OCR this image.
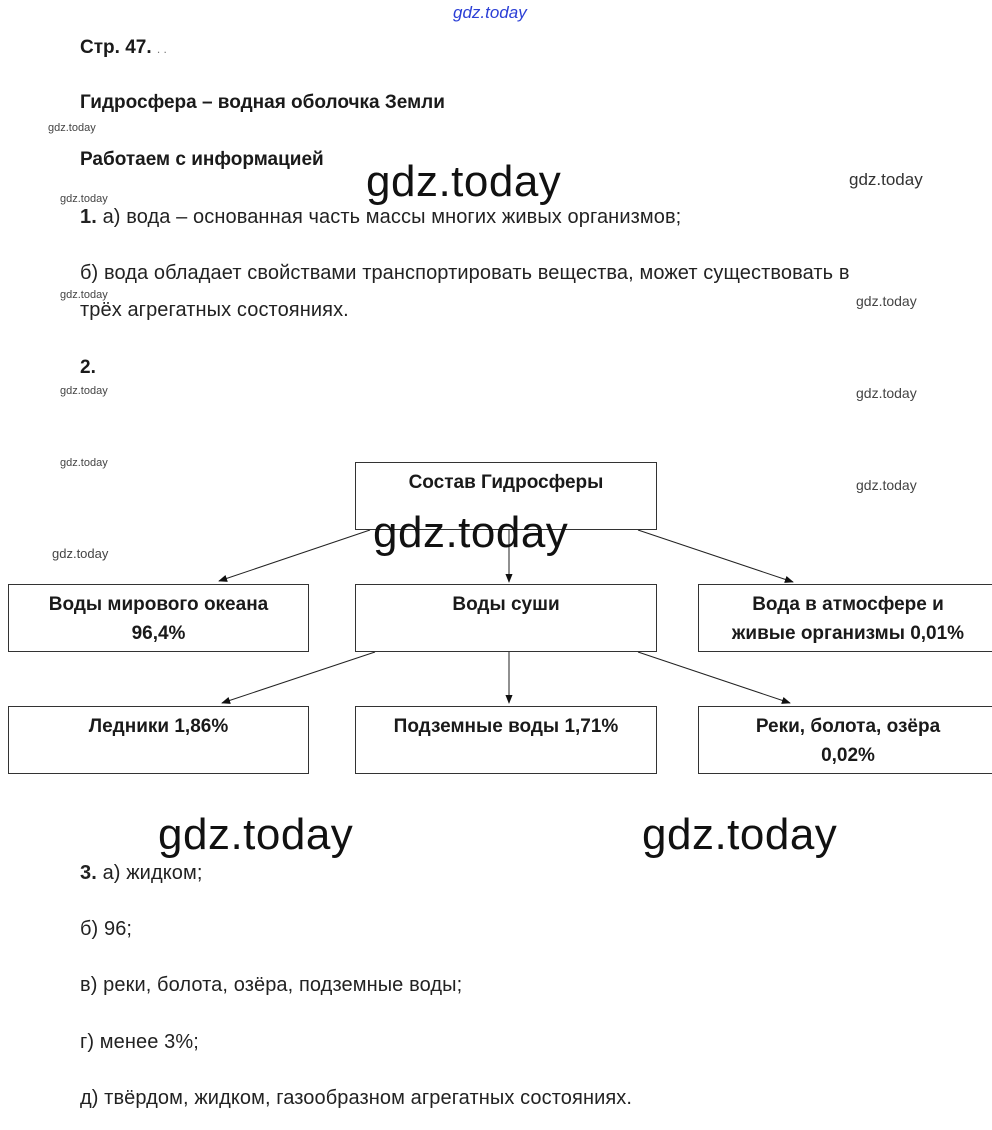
gdz.today
Стр. 47. . .
Гидросфера – водная оболочка Земли
gdz.today
Работаем с информацией gdz.today	gdz.today
gdz.today
1. а) вода – основанная часть массы многих живых организмов;
б) вода обладает свойствами транспортировать вещества, может существовать в
gdz.today	gdz.today
трёх агрегатных состояниях.
2.
gdz.today	gdz.today
gdz.today
gdz.today
gdz.today
Состав Гидросферы
Воды мирового океана
96,4%
Воды суши	Вода в атмосфере и
живые организмы 0,01%
Ледники 1,86%	Подземные воды 1,71%	Реки, болота, озёра
0,02%
gdz.today
gdz.today	gdz.today
3. а) жидком;
б) 96;
в) реки, болота, озёра, подземные воды;
г) менее 3%;
д) твёрдом, жидком, газообразном агрегатных состояниях.
